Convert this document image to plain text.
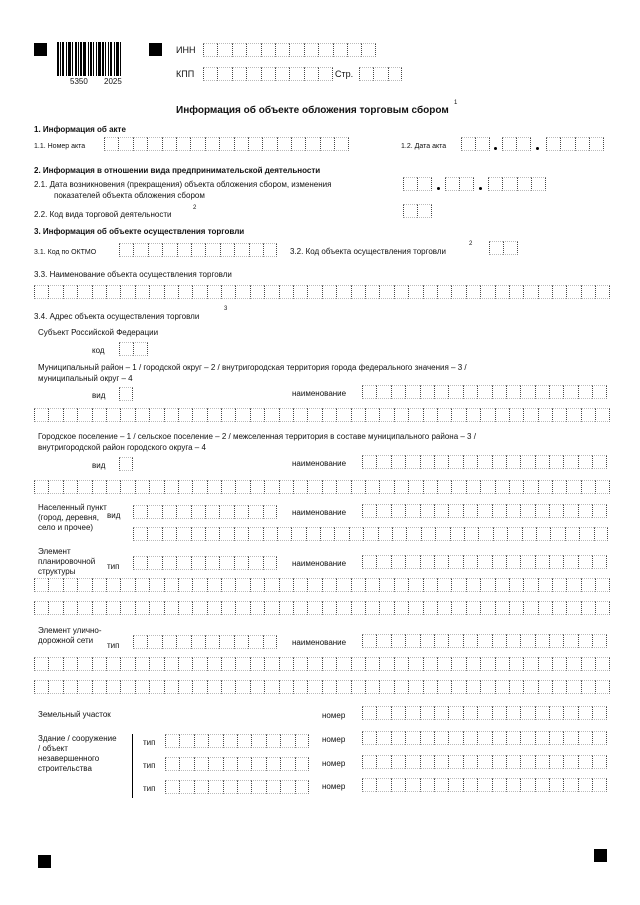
5350 2025
ИНН
КПП	Стр.
Информация об объекте обложения торговым сбором
1
1. Информация об акте
1.1. Номер акта	1.2. Дата акта
2. Информация в отношении вида предпринимательской деятельности
2.1. Дата возникновения (прекращения) объекта обложения сбором, изменения
показателей объекта обложения сбором
2.2. Код вида торговой деятельности
2
3. Информация об объекте осуществления торговли
3.1. Код по ОКТМО	3.2. Код объекта осуществления торговли
2
3.3. Наименование объекта осуществления торговли
3.4. Адрес объекта осуществления торговли
3
Субъект Российской Федерации
код
Муниципальный район – 1 / городской округ – 2 / внутригородская территория города федерального значения – 3 /
муниципальный округ – 4
вид	наименование
Городское поселение – 1 / сельское поселение – 2 / межселенная территория в составе муниципального района – 3 /
внутригородской район городского округа – 4
вид	наименование
Населенный пункт (город, деревня, село и прочее)
вид	наименование
Элемент планировочной структуры
тип	наименование
Элемент улично-дорожной сети
тип	наименование
Земельный участок	номер
Здание / сооружение / объект незавершенного строительства
тип	номер
тип	номер
тип	номер
